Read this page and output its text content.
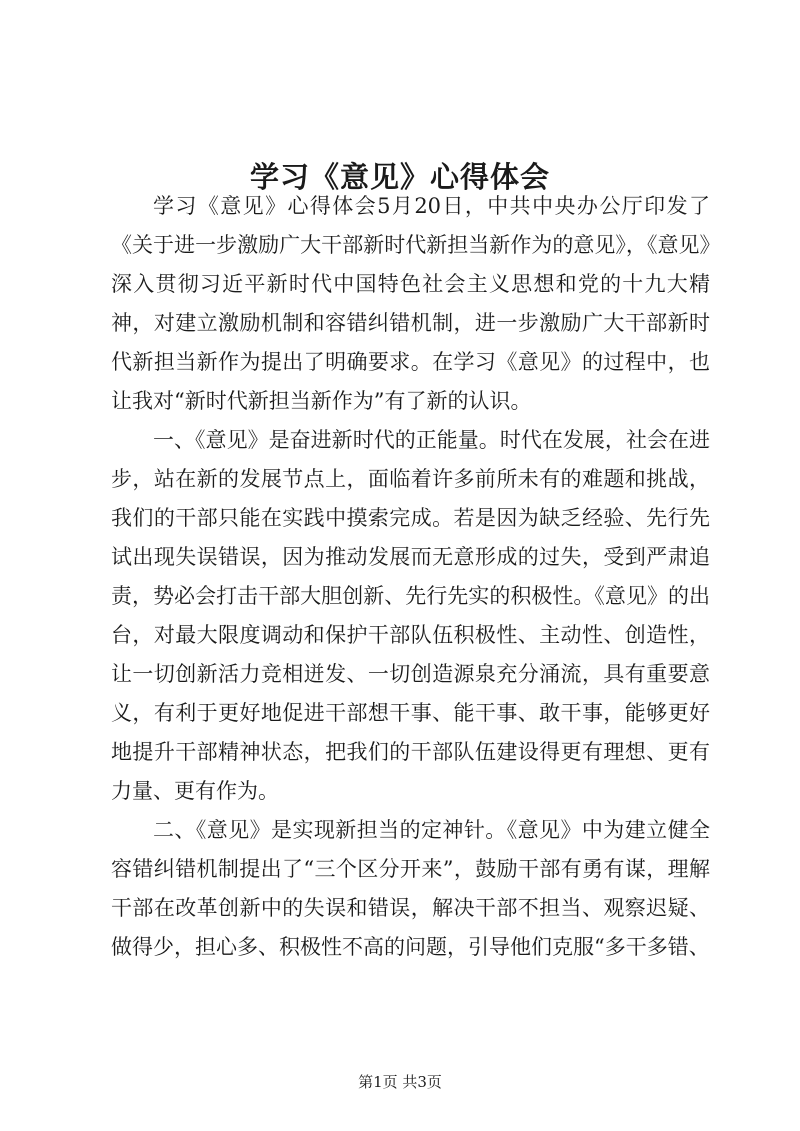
学习《意见》心得体会

学习《意见》心得体会5月20日，中共中央办公厅印发了《关于进一步激励广大干部新时代新担当新作为的意见》，《意见》深入贯彻习近平新时代中国特色社会主义思想和党的十九大精神，对建立激励机制和容错纠错机制，进一步激励广大干部新时代新担当新作为提出了明确要求。在学习《意见》的过程中，也让我对“新时代新担当新作为”有了新的认识。

一、《意见》是奋进新时代的正能量。时代在发展，社会在进步，站在新的发展节点上，面临着许多前所未有的难题和挑战，我们的干部只能在实践中摸索完成。若是因为缺乏经验、先行先试出现失误错误，因为推动发展而无意形成的过失，受到严肃追责，势必会打击干部大胆创新、先行先实的积极性。《意见》的出台，对最大限度调动和保护干部队伍积极性、主动性、创造性，让一切创新活力竞相迸发、一切创造源泉充分涌流，具有重要意义，有利于更好地促进干部想干事、能干事、敢干事，能够更好地提升干部精神状态，把我们的干部队伍建设得更有理想、更有力量、更有作为。

二、《意见》是实现新担当的定神针。《意见》中为建立健全容错纠错机制提出了“三个区分开来”，鼓励干部有勇有谋，理解干部在改革创新中的失误和错误，解决干部不担当、观察迟疑、做得少，担心多、积极性不高的问题，引导他们克服“多干多错、

第1页 共3页
